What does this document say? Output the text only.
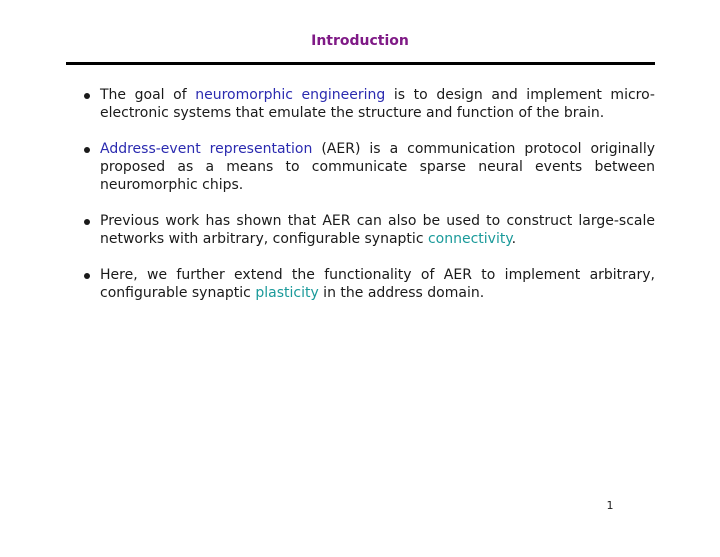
Introduction
The goal of neuromorphic engineering is to design and implement micro-electronic systems that emulate the structure and function of the brain.
Address-event representation (AER) is a communication protocol originally proposed as a means to communicate sparse neural events between neuromorphic chips.
Previous work has shown that AER can also be used to construct large-scale networks with arbitrary, configurable synaptic connectivity.
Here, we further extend the functionality of AER to implement arbitrary, configurable synaptic plasticity in the address domain.
1
